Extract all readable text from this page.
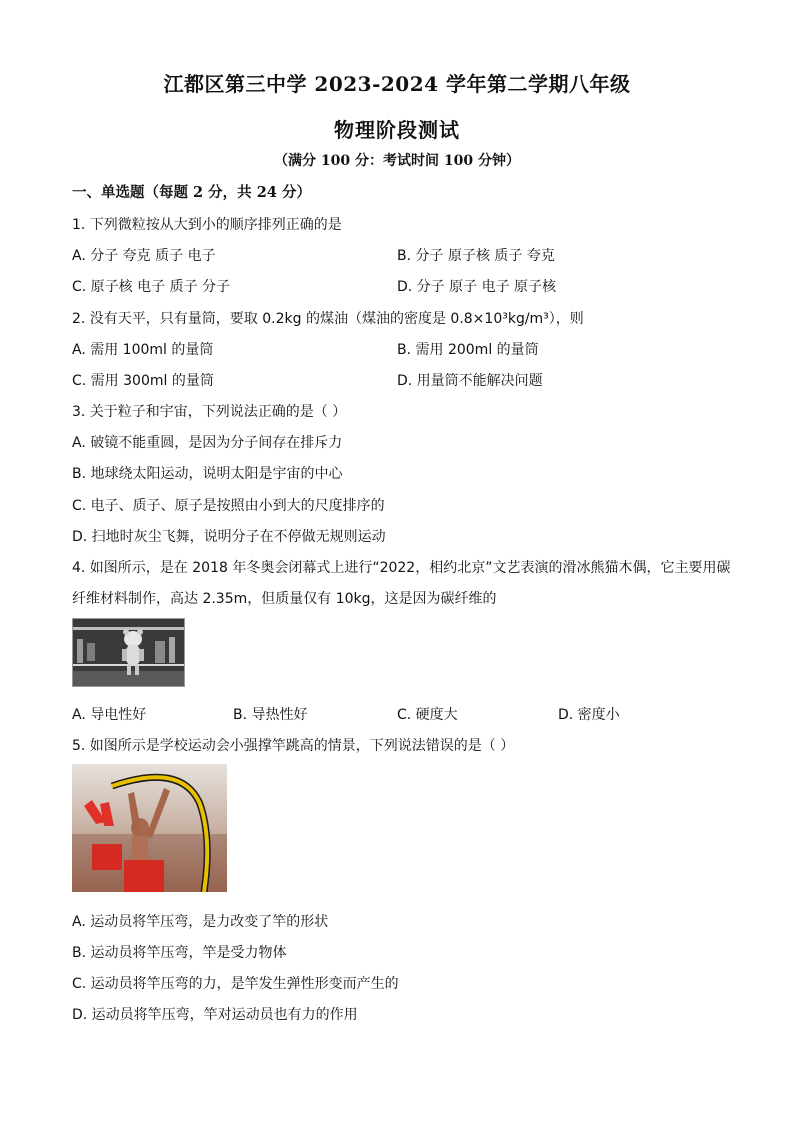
江都区第三中学 2023-2024 学年第二学期八年级
物理阶段测试
（满分 100 分：考试时间 100 分钟）
一、单选题（每题 2 分，共 24 分）
1. 下列微粒按从大到小的顺序排列正确的是
A. 分子 夸克 质子 电子	B. 分子 原子核 质子 夸克
C. 原子核 电子 质子 分子	D. 分子 原子 电子 原子核
2. 没有天平，只有量筒，要取 0.2kg 的煤油（煤油的密度是 0.8×10³kg/m³），则
A. 需用 100ml 的量筒	B. 需用 200ml 的量筒
C. 需用 300ml 的量筒	D. 用量筒不能解决问题
3. 关于粒子和宇宙，下列说法正确的是（ ）
A. 破镜不能重圆，是因为分子间存在排斥力
B. 地球绕太阳运动，说明太阳是宇宙的中心
C. 电子、质子、原子是按照由小到大的尺度排序的
D. 扫地时灰尘飞舞，说明分子在不停做无规则运动
4. 如图所示，是在 2018 年冬奥会闭幕式上进行“2022，相约北京”文艺表演的滑冰熊猫木偶，它主要用碳
纤维材料制作，高达 2.35m，但质量仅有 10kg，这是因为碳纤维的
A. 导电性好	B. 导热性好	C. 硬度大	D. 密度小
5. 如图所示是学校运动会小强撑竿跳高的情景，下列说法错误的是（ ）
A. 运动员将竿压弯，是力改变了竿的形状
B. 运动员将竿压弯，竿是受力物体
C. 运动员将竿压弯的力，是竿发生弹性形变而产生的
D. 运动员将竿压弯，竿对运动员也有力的作用
